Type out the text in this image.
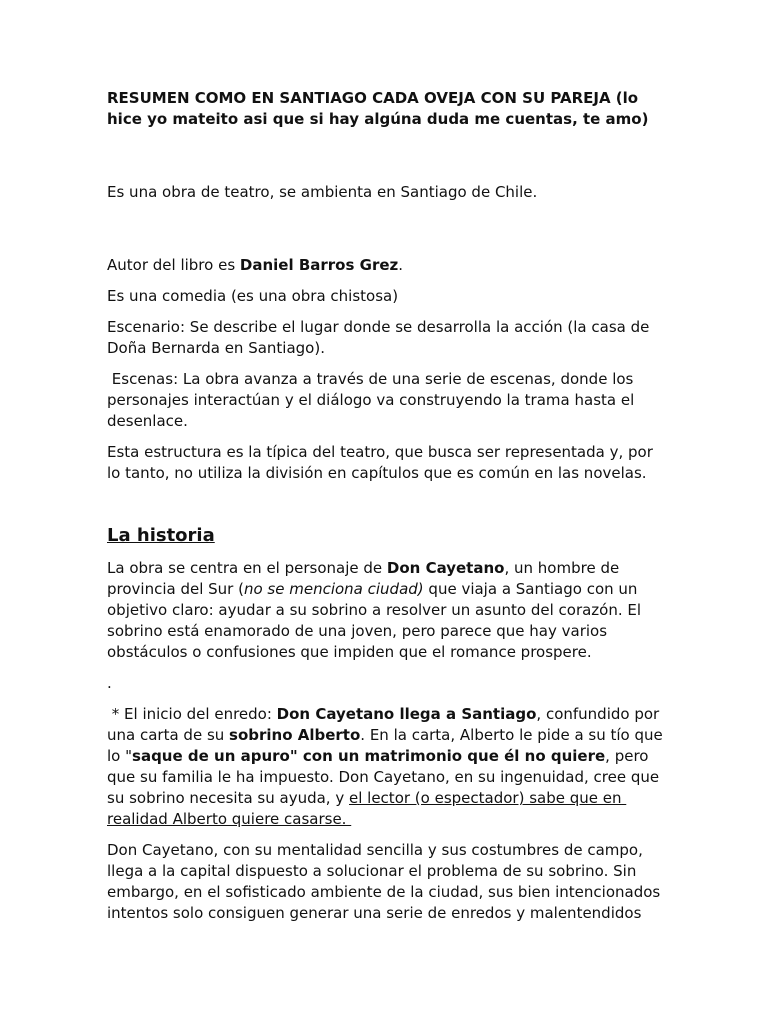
RESUMEN COMO EN SANTIAGO CADA OVEJA CON SU PAREJA (lo hice yo mateito asi que si hay algúna duda me cuentas, te amo)

Es una obra de teatro, se ambienta en Santiago de Chile.

Autor del libro es Daniel Barros Grez.

Es una comedia (es una obra chistosa)

Escenario: Se describe el lugar donde se desarrolla la acción (la casa de Doña Bernarda en Santiago).

Escenas: La obra avanza a través de una serie de escenas, donde los personajes interactúan y el diálogo va construyendo la trama hasta el desenlace.

Esta estructura es la típica del teatro, que busca ser representada y, por lo tanto, no utiliza la división en capítulos que es común en las novelas.

La historia

La obra se centra en el personaje de Don Cayetano, un hombre de provincia del Sur (no se menciona ciudad) que viaja a Santiago con un objetivo claro: ayudar a su sobrino a resolver un asunto del corazón. El sobrino está enamorado de una joven, pero parece que hay varios obstáculos o confusiones que impiden que el romance prospere.

.

* El inicio del enredo: Don Cayetano llega a Santiago, confundido por una carta de su sobrino Alberto. En la carta, Alberto le pide a su tío que lo "saque de un apuro" con un matrimonio que él no quiere, pero que su familia le ha impuesto. Don Cayetano, en su ingenuidad, cree que su sobrino necesita su ayuda, y el lector (o espectador) sabe que en realidad Alberto quiere casarse.

Don Cayetano, con su mentalidad sencilla y sus costumbres de campo, llega a la capital dispuesto a solucionar el problema de su sobrino. Sin embargo, en el sofisticado ambiente de la ciudad, sus bien intencionados intentos solo consiguen generar una serie de enredos y malentendidos
